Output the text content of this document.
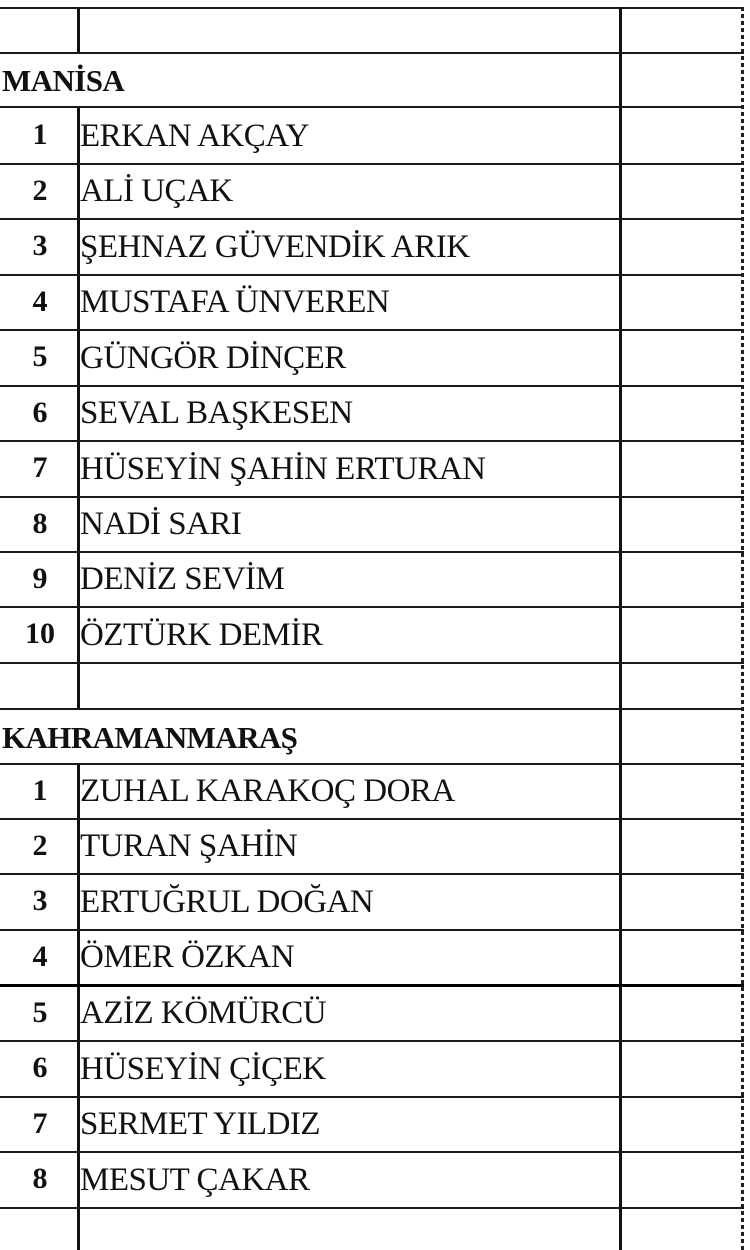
MANİSA
1 ERKAN AKÇAY
2 ALİ UÇAK
3 ŞEHNAZ GÜVENDİK ARIK
4 MUSTAFA ÜNVEREN
5 GÜNGÖR DİNÇER
6 SEVAL BAŞKESEN
7 HÜSEYİN ŞAHİN ERTURAN
8 NADİ SARI
9 DENİZ SEVİM
10 ÖZTÜRK DEMİR
KAHRAMANMARAŞ
1 ZUHAL KARAKOÇ DORA
2 TURAN ŞAHİN
3 ERTUĞRUL DOĞAN
4 ÖMER ÖZKAN
5 AZİZ KÖMÜRCÜ
6 HÜSEYİN ÇİÇEK
7 SERMET YILDIZ
8 MESUT ÇAKAR
